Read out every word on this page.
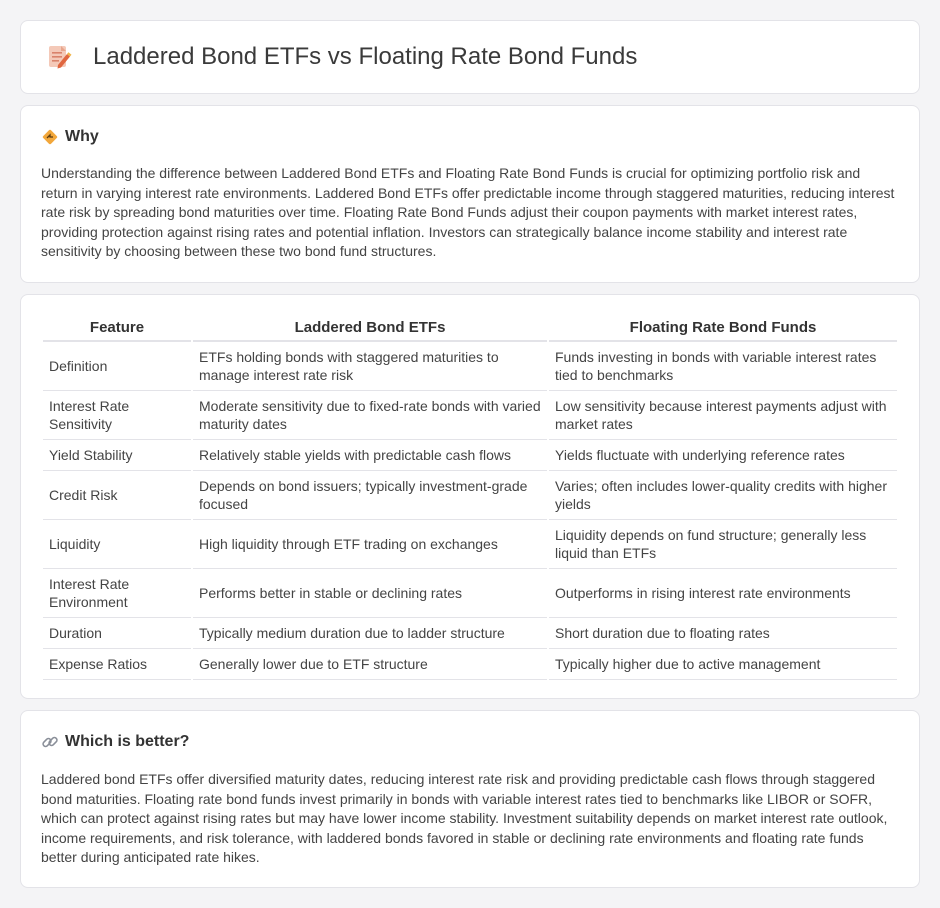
Laddered Bond ETFs vs Floating Rate Bond Funds
Why

Understanding the difference between Laddered Bond ETFs and Floating Rate Bond Funds is crucial for optimizing portfolio risk and return in varying interest rate environments. Laddered Bond ETFs offer predictable income through staggered maturities, reducing interest rate risk by spreading bond maturities over time. Floating Rate Bond Funds adjust their coupon payments with market interest rates, providing protection against rising rates and potential inflation. Investors can strategically balance income stability and interest rate sensitivity by choosing between these two bond fund structures.

Feature	Laddered Bond ETFs	Floating Rate Bond Funds
Definition	ETFs holding bonds with staggered maturities to manage interest rate risk	Funds investing in bonds with variable interest rates tied to benchmarks
Interest Rate Sensitivity	Moderate sensitivity due to fixed-rate bonds with varied maturity dates	Low sensitivity because interest payments adjust with market rates
Yield Stability	Relatively stable yields with predictable cash flows	Yields fluctuate with underlying reference rates
Credit Risk	Depends on bond issuers; typically investment-grade focused	Varies; often includes lower-quality credits with higher yields
Liquidity	High liquidity through ETF trading on exchanges	Liquidity depends on fund structure; generally less liquid than ETFs
Interest Rate Environment	Performs better in stable or declining rates	Outperforms in rising interest rate environments
Duration	Typically medium duration due to ladder structure	Short duration due to floating rates
Expense Ratios	Generally lower due to ETF structure	Typically higher due to active management
Which is better?

Laddered bond ETFs offer diversified maturity dates, reducing interest rate risk and providing predictable cash flows through staggered bond maturities. Floating rate bond funds invest primarily in bonds with variable interest rates tied to benchmarks like LIBOR or SOFR, which can protect against rising rates but may have lower income stability. Investment suitability depends on market interest rate outlook, income requirements, and risk tolerance, with laddered bonds favored in stable or declining rate environments and floating rate funds better during anticipated rate hikes.
